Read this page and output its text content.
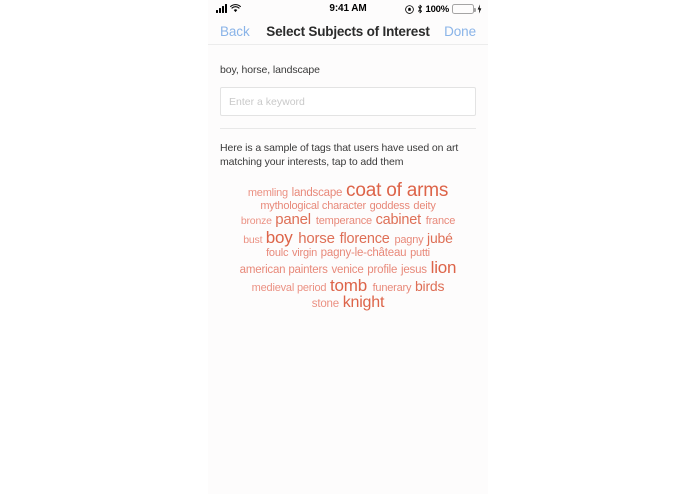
9:41 AM	100%
Back	Select Subjects of Interest	Done
boy, horse, landscape
Enter a keyword
Here is a sample of tags that users have used on art matching your interests, tap to add them
memling landscape coat of arms
mythological character goddess deity
bronze panel temperance cabinet france
bust boy horse florence pagny jubé
foulc virgin pagny-le-château putti
american painters venice profile jesus lion
medieval period tomb funerary birds
stone knight
